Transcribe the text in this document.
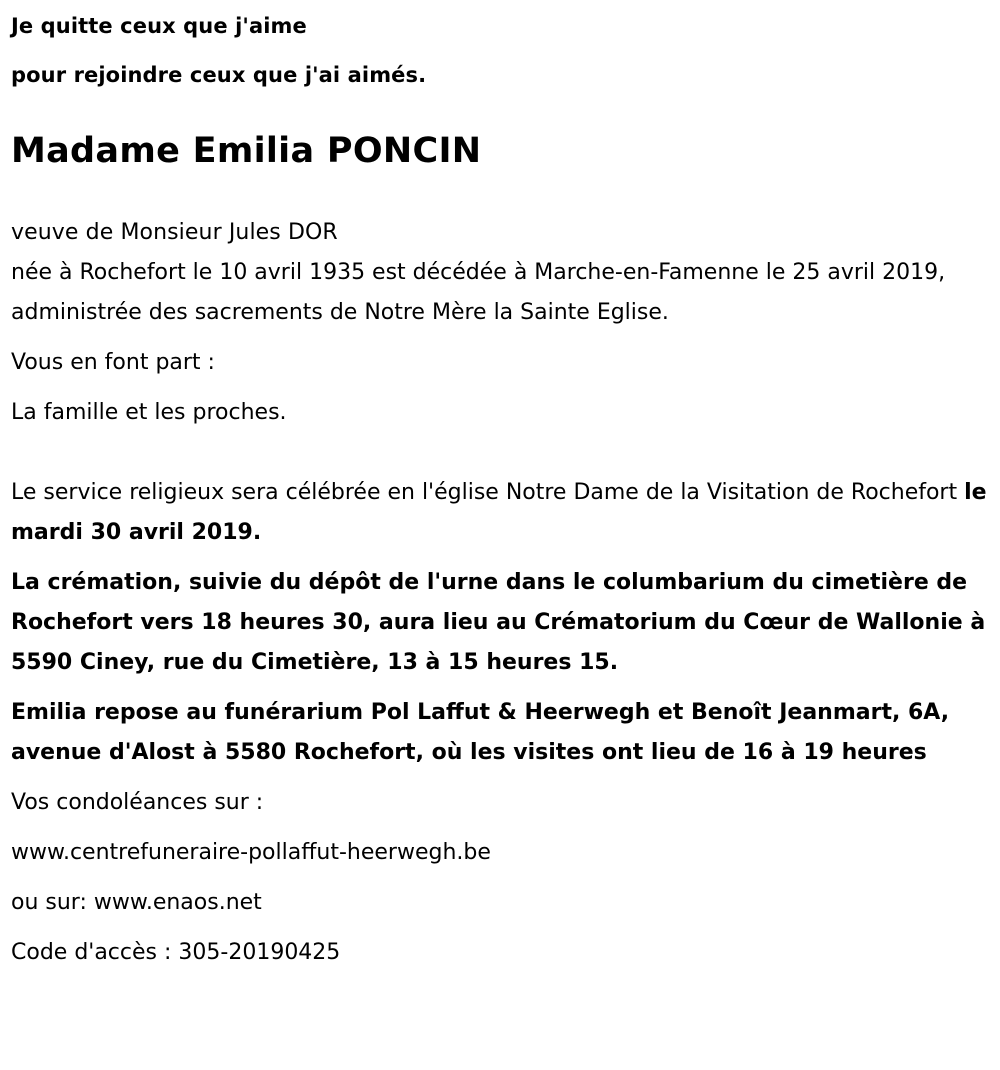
Je quitte ceux que j'aime

pour rejoindre ceux que j'ai aimés.

Madame Emilia PONCIN

veuve de Monsieur Jules DOR

née à Rochefort le 10 avril 1935 est décédée à Marche-en-Famenne le 25 avril 2019, administrée des sacrements de Notre Mère la Sainte Eglise.

Vous en font part :

La famille et les proches.

Le service religieux sera célébrée en l'église Notre Dame de la Visitation de Rochefort le mardi 30 avril 2019.

La crémation, suivie du dépôt de l'urne dans le columbarium du cimetière de Rochefort vers 18 heures 30, aura lieu au Crématorium du Cœur de Wallonie à 5590 Ciney, rue du Cimetière, 13 à 15 heures 15.

Emilia repose au funérarium Pol Laffut & Heerwegh et Benoît Jeanmart, 6A, avenue d'Alost à 5580 Rochefort, où les visites ont lieu de 16 à 19 heures

Vos condoléances sur :

www.centrefuneraire-pollaffut-heerwegh.be

ou sur: www.enaos.net

Code d'accès : 305-20190425
